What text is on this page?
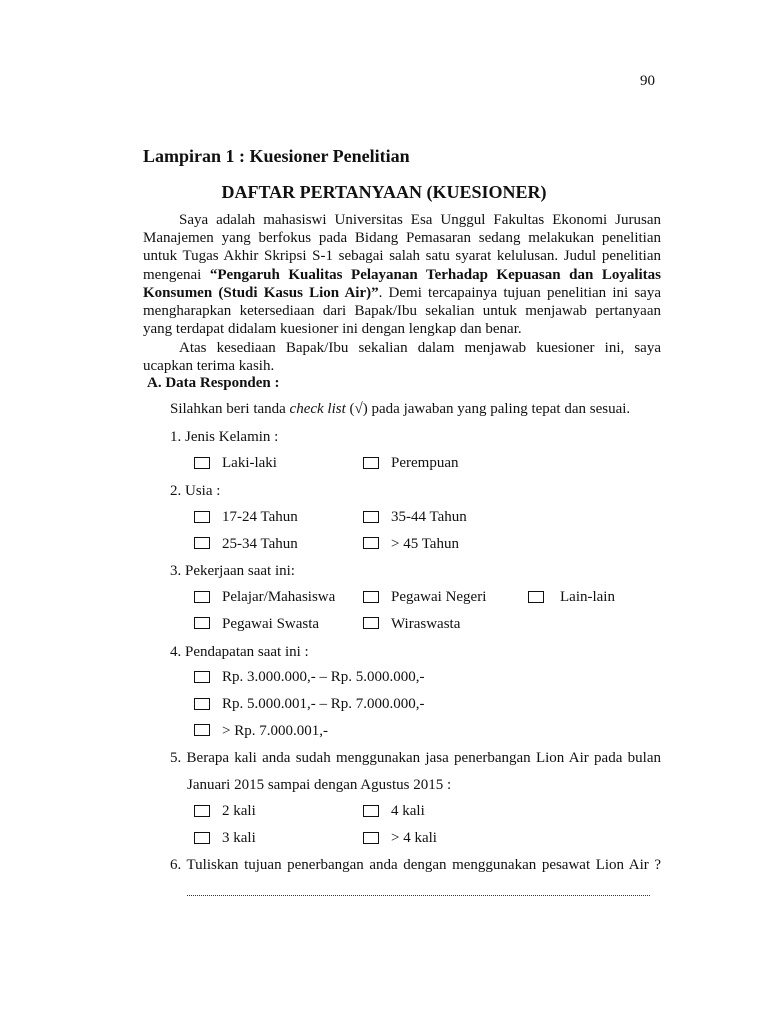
90
Lampiran 1 : Kuesioner Penelitian
DAFTAR PERTANYAAN (KUESIONER)
Saya adalah mahasiswi Universitas Esa Unggul Fakultas Ekonomi Jurusan Manajemen yang berfokus pada Bidang Pemasaran sedang melakukan penelitian untuk Tugas Akhir Skripsi S-1 sebagai salah satu syarat kelulusan. Judul penelitian mengenai “Pengaruh Kualitas Pelayanan Terhadap Kepuasan dan Loyalitas Konsumen (Studi Kasus Lion Air)”. Demi tercapainya tujuan penelitian ini saya mengharapkan ketersediaan dari Bapak/Ibu sekalian untuk menjawab pertanyaan yang terdapat didalam kuesioner ini dengan lengkap dan benar.
Atas kesediaan Bapak/Ibu sekalian dalam menjawab kuesioner ini, saya ucapkan terima kasih.
A. Data Responden :
Silahkan beri tanda check list (√) pada jawaban yang paling tepat dan sesuai.
1. Jenis Kelamin :
Laki-laki	Perempuan
2. Usia :
17-24 Tahun	35-44 Tahun
25-34 Tahun	> 45 Tahun
3. Pekerjaan saat ini:
Pelajar/Mahasiswa	Pegawai Negeri	Lain-lain
Pegawai Swasta	Wiraswasta
4. Pendapatan saat ini :
Rp. 3.000.000,- – Rp. 5.000.000,-
Rp. 5.000.001,- – Rp. 7.000.000,-
> Rp. 7.000.001,-
5. Berapa kali anda sudah menggunakan jasa penerbangan Lion Air pada bulan
Januari 2015 sampai dengan Agustus 2015 :
2 kali	4 kali
3 kali	> 4 kali
6. Tuliskan tujuan penerbangan anda dengan menggunakan pesawat Lion Air ?
